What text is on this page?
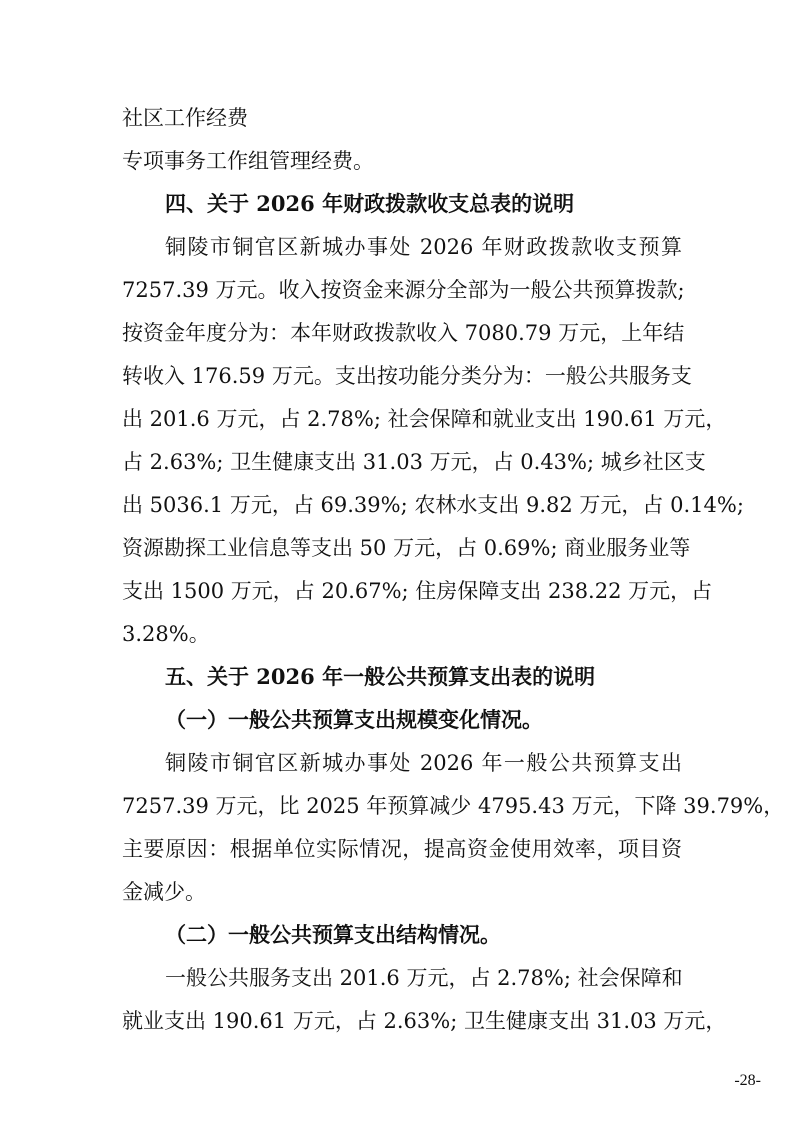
社区工作经费
专项事务工作组管理经费。
四、关于 2026 年财政拨款收支总表的说明
铜陵市铜官区新城办事处 2026 年财政拨款收支预算
7257.39 万元。收入按资金来源分全部为一般公共预算拨款;
按资金年度分为：本年财政拨款收入 7080.79 万元，上年结
转收入 176.59 万元。支出按功能分类分为：一般公共服务支
出 201.6 万元，占 2.78%; 社会保障和就业支出 190.61 万元，
占 2.63%; 卫生健康支出 31.03 万元，占 0.43%; 城乡社区支
出 5036.1 万元，占 69.39%; 农林水支出 9.82 万元，占 0.14%;
资源勘探工业信息等支出 50 万元，占 0.69%; 商业服务业等
支出 1500 万元，占 20.67%; 住房保障支出 238.22 万元，占
3.28%。
五、关于 2026 年一般公共预算支出表的说明
（一）一般公共预算支出规模变化情况。
铜陵市铜官区新城办事处 2026 年一般公共预算支出
7257.39 万元，比 2025 年预算减少 4795.43 万元，下降 39.79%，
主要原因：根据单位实际情况，提高资金使用效率，项目资
金减少。
（二）一般公共预算支出结构情况。
一般公共服务支出 201.6 万元，占 2.78%; 社会保障和
就业支出 190.61 万元，占 2.63%; 卫生健康支出 31.03 万元，
-28-
